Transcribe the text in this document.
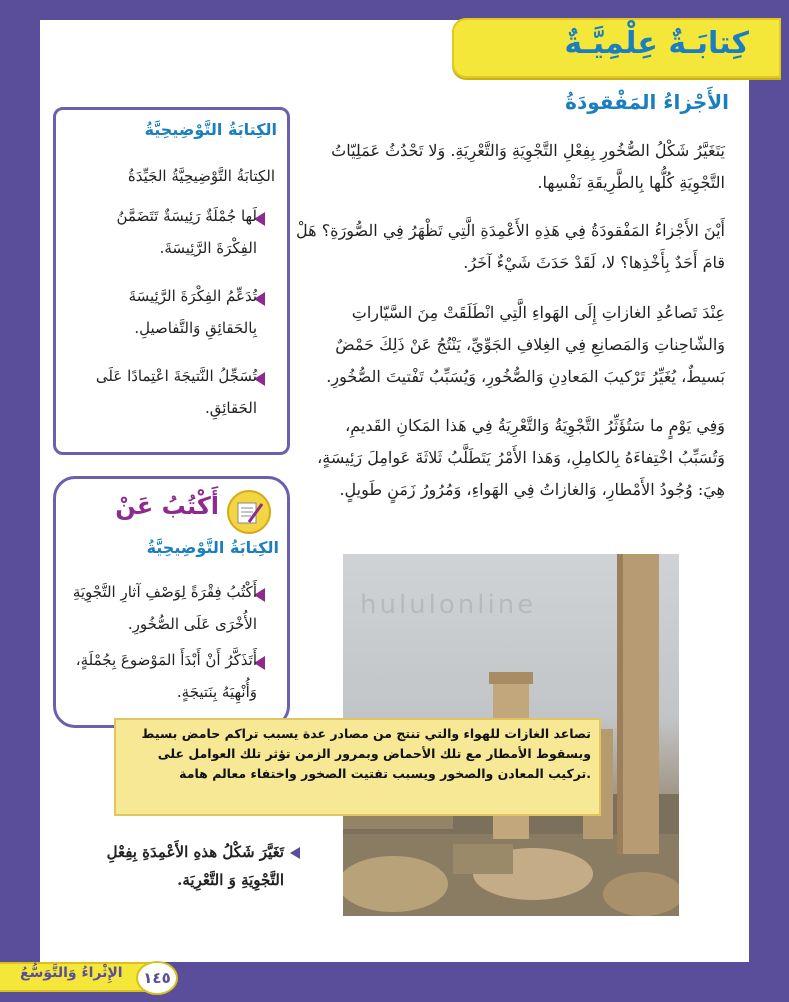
كِتابَـةٌ عِلْمِيَّـةٌ
الأَجْزاءُ المَفْقودَةُ
يَتَغَيَّرُ شَكْلُ الصُّخُورِ بِفِعْلِ التَّجْوِيَةِ وَالتَّعْرِيَةِ. وَلا تَحْدُثُ عَمَلِيّاتُ
التَّجْوِيَةِ كُلُّها بِالطَّرِيقَةِ نَفْسِها.
أَيْنَ الأَجْزاءُ المَفْقودَةُ فِي هَذِهِ الأَعْمِدَةِ الَّتِي تَظْهَرُ فِي الصُّورَةِ؟ هَلْ
قامَ أَحَدٌ بِأَخْذِها؟ لا، لَقَدْ حَدَثَ شَيْءٌ آخَرُ.
عِنْدَ تَصاعُدِ الغازاتِ إِلَى الهَواءِ الَّتِي انْطَلَقَتْ مِنَ السَّيّاراتِ
وَالشّاحِناتِ وَالمَصانِعِ فِي الغِلافِ الجَوِّيِّ، يَنْتُجُ عَنْ ذَلِكَ حَمْضٌ
بَسيطٌ، يُغَيِّرُ تَرْكيبَ المَعادِنِ وَالصُّخُورِ، وَيُسَبِّبُ تَفْتيتَ الصُّخُورِ.
وَفِي يَوْمٍ ما سَتُؤَثِّرُ التَّجْوِيَةُ وَالتَّعْرِيَةُ فِي هَذا المَكانِ القَديمِ،
وَتُسَبِّبُ اخْتِفاءَهُ بِالكامِلِ، وَهَذا الأَمْرُ يَتَطَلَّبُ ثَلاثَةَ عَوامِلَ رَئِيسَةٍ،
هِيَ: وُجُودُ الأَمْطارِ، وَالغازاتُ فِي الهَواءِ، وَمُرُورُ زَمَنٍ طَويلٍ.
الكِتابَةُ التَّوْضِيحِيَّةُ
الكِتابَةُ التَّوْضِيحِيَّةُ الجَيِّدَةُ
لَها جُمْلَةٌ رَئِيسَةٌ تَتَضَمَّنُ
الفِكْرَةَ الرَّئِيسَةَ.
تُدَعِّمُ الفِكْرَةَ الرَّئِيسَةَ
بِالحَقائِقِ وَالتَّفاصيلِ.
تُسَجِّلُ النَّتيجَةَ اعْتِمادًا عَلَى
الحَقائِقِ.
أَكْتُبُ عَنْ
الكِتابَةُ التَّوْضِيحِيَّةُ
أَكْتُبُ فِقْرَةً لِوَصْفِ آثارِ التَّجْوِيَةِ
الأُخْرَى عَلَى الصُّخُورِ.
أَتَذَكَّرُ أَنْ أَبْدَأَ المَوْضوعَ بِجُمْلَةٍ،
وَأُنْهِيَهُ بِنَتيجَةٍ.
hululonline
تصاعد الغازات للهواء والتي تنتج من مصادر عدة يسبب تراكم حامض بسيط
وبسقوط الأمطار مع تلك الأحماض وبمرور الزمن تؤثر تلك العوامل على
.تركيب المعادن والصخور ويسبب تفتيت الصخور واختفاء معالم هامة
تَغَيَّرَ شَكْلُ هذهِ الأَعْمِدَةِ بِفِعْلِ
التَّجْوِيَةِ وَ التَّعْرِيَة.
الإِثْراءُ وَالتَّوَسُّعُ	١٤٥
